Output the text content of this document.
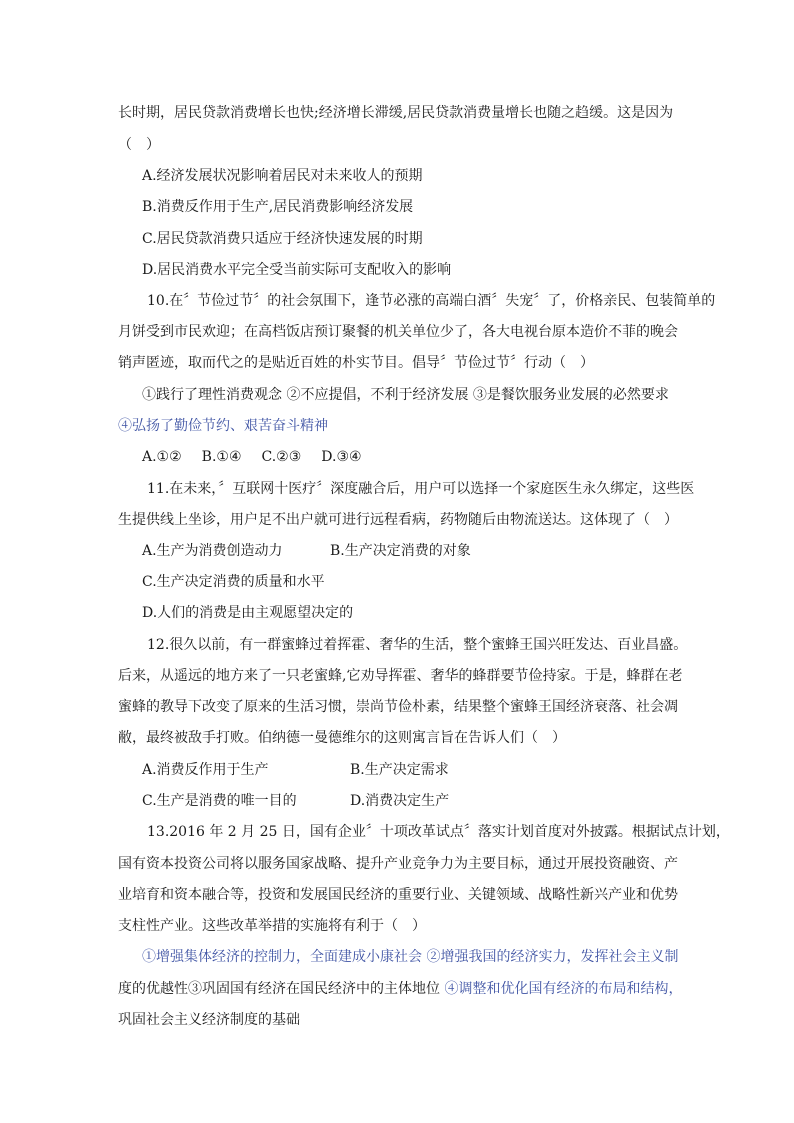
长时期，居民贷款消费增长也快;经济增长滞缓,居民贷款消费量增长也随之趋缓。这是因为
（　）
A.经济发展状况影响着居民对未来收人的预期
B.消费反作用于生产,居民消费影响经济发展
C.居民贷款消费只适应于经济快速发展的时期
D.居民消费水平完全受当前实际可支配收入的影响
10.在〞节俭过节〞的社会氛围下，逢节必涨的高端白酒〞失宠〞了，价格亲民、包装简单的
月饼受到市民欢迎；在高档饭店预订聚餐的机关单位少了，各大电视台原本造价不菲的晚会
销声匿迹，取而代之的是贴近百姓的朴实节目。倡导〞节俭过节〞行动（　）
①践行了理性消费观念 ②不应提倡，不利于经济发展 ③是餐饮服务业发展的必然要求
④弘扬了勤俭节约、艰苦奋斗精神
A.①② B.①④ C.②③ D.③④
11.在未来，〞互联网十医疗〞深度融合后，用户可以选择一个家庭医生永久绑定，这些医
生提供线上坐诊，用户足不出户就可进行远程看病，药物随后由物流送达。这体现了（　）
A.生产为消费创造动力	B.生产决定消费的对象
C.生产决定消费的质量和水平
D.人们的消费是由主观愿望决定的
12.很久以前，有一群蜜蜂过着挥霍、奢华的生活，整个蜜蜂王国兴旺发达、百业昌盛。
后来，从遥远的地方来了一只老蜜蜂,它劝导挥霍、奢华的蜂群要节俭持家。于是，蜂群在老
蜜蜂的教导下改变了原来的生活习惯，崇尚节俭朴素，结果整个蜜蜂王国经济衰落、社会凋
敝，最终被敌手打败。伯纳德一曼德维尔的这则寓言旨在告诉人们（　）
A.消费反作用于生产	B.生产决定需求
C.生产是消费的唯一目的	D.消费决定生产
13.2016 年 2 月 25 日，国有企业〞十项改革试点〞落实计划首度对外披露。根据试点计划，
国有资本投资公司将以服务国家战略、提升产业竞争力为主要目标，通过开展投资融资、产
业培育和资本融合等，投资和发展国民经济的重要行业、关键领域、战略性新兴产业和优势
支柱性产业。这些改革举措的实施将有利于（　）
①增强集体经济的控制力，全面建成小康社会 ②增强我国的经济实力，发挥社会主义制
度的优越性③巩固国有经济在国民经济中的主体地位 ④调整和优化国有经济的布局和结构，
巩固社会主义经济制度的基础
